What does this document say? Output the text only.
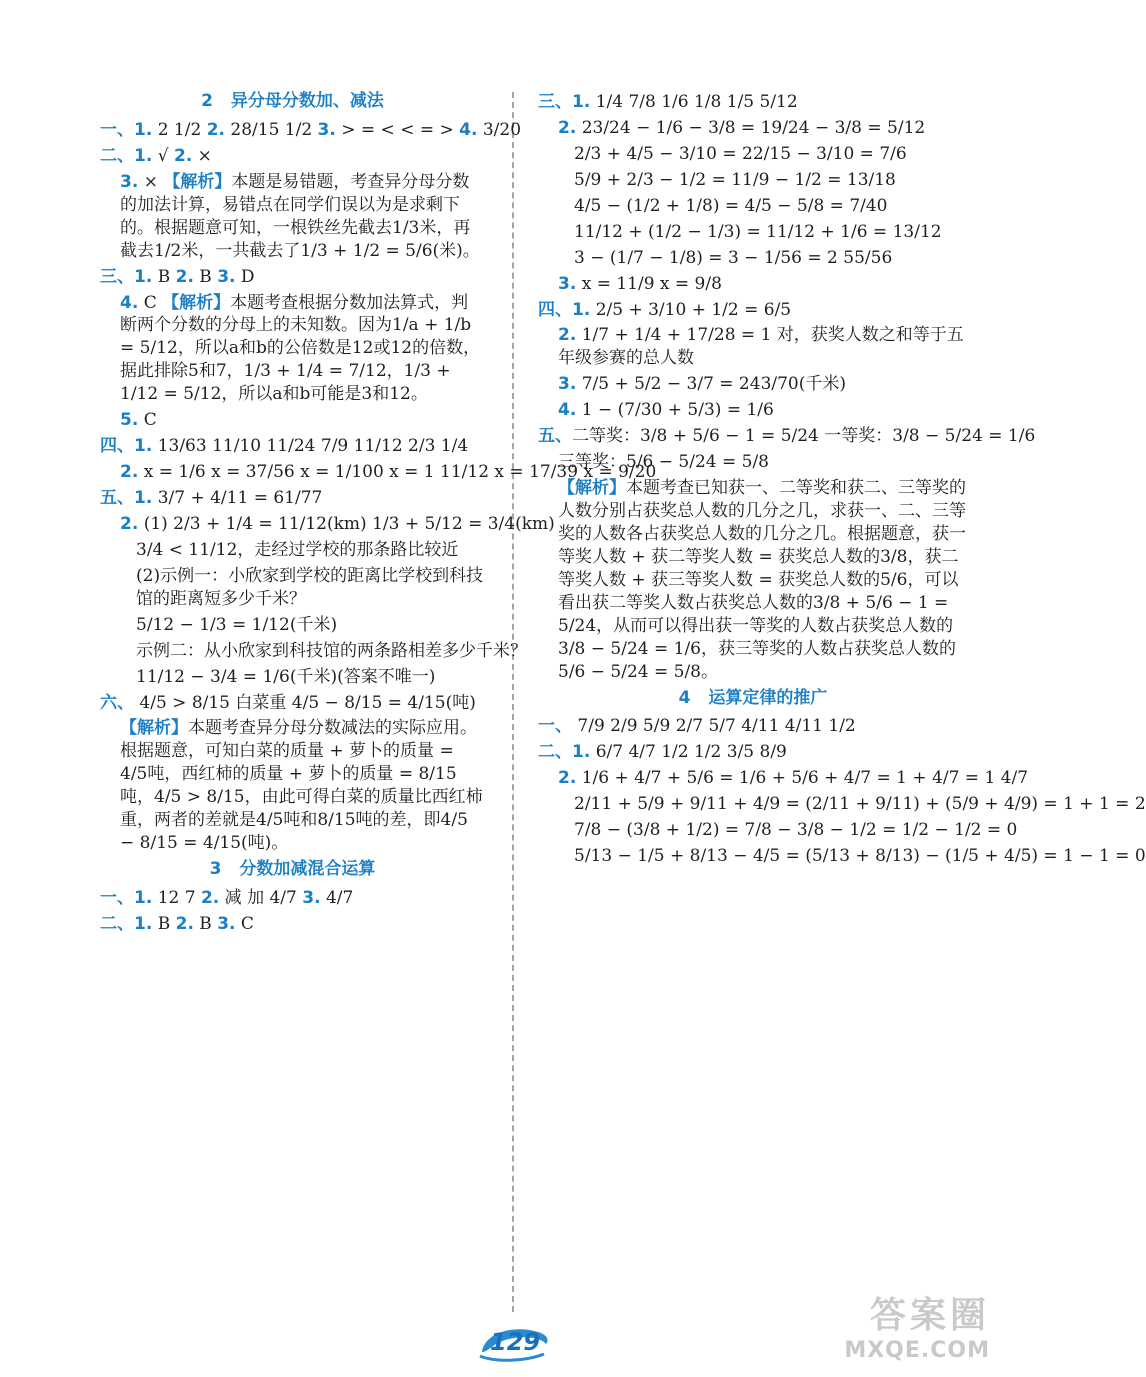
2 异分母分数加、减法
一、1. 2 1/2 2. 28/15 1/2 3. > = < < = > 4. 3/20
二、1. √ 2. ×
3. × 【解析】本题是易错题，考查异分母分数的加法计算，易错点在同学们误以为是求剩下的。根据题意可知，一根铁丝先截去1/3米，再截去1/2米，一共截去了1/3 + 1/2 = 5/6(米)。
三、1. B 2. B 3. D
4. C 【解析】本题考查根据分数加法算式，判断两个分数的分母上的未知数。因为1/a + 1/b = 5/12，所以a和b的公倍数是12或12的倍数，据此排除5和7，1/3 + 1/4 = 7/12，1/3 + 1/12 = 5/12，所以a和b可能是3和12。
5. C
四、1. 13/63 11/10 11/24 7/9 11/12 2/3 1/4
2. x = 1/6 x = 37/56 x = 1/100 x = 1 11/12 x = 17/39 x = 9/20
五、1. 3/7 + 4/11 = 61/77
2. (1) 2/3 + 1/4 = 11/12(km) 1/3 + 5/12 = 3/4(km)
3/4 < 11/12，走经过学校的那条路比较近
(2)示例一：小欣家到学校的距离比学校到科技馆的距离短多少千米？
5/12 − 1/3 = 1/12(千米)
示例二：从小欣家到科技馆的两条路相差多少千米？
11/12 − 3/4 = 1/6(千米)(答案不唯一)
六、 4/5 > 8/15 白菜重 4/5 − 8/15 = 4/15(吨)
【解析】本题考查异分母分数减法的实际应用。根据题意，可知白菜的质量 + 萝卜的质量 = 4/5吨，西红柿的质量 + 萝卜的质量 = 8/15吨，4/5 > 8/15，由此可得白菜的质量比西红柿重，两者的差就是4/5吨和8/15吨的差，即4/5 − 8/15 = 4/15(吨)。
3 分数加减混合运算
一、1. 12 7 2. 减 加 4/7 3. 4/7
二、1. B 2. B 3. C
三、1. 1/4 7/8 1/6 1/8 1/5 5/12
2. 23/24 − 1/6 − 3/8 = 19/24 − 3/8 = 5/12
2/3 + 4/5 − 3/10 = 22/15 − 3/10 = 7/6
5/9 + 2/3 − 1/2 = 11/9 − 1/2 = 13/18
4/5 − (1/2 + 1/8) = 4/5 − 5/8 = 7/40
11/12 + (1/2 − 1/3) = 11/12 + 1/6 = 13/12
3 − (1/7 − 1/8) = 3 − 1/56 = 2 55/56
3. x = 11/9 x = 9/8
四、1. 2/5 + 3/10 + 1/2 = 6/5
2. 1/7 + 1/4 + 17/28 = 1 对，获奖人数之和等于五年级参赛的总人数
3. 7/5 + 5/2 − 3/7 = 243/70(千米)
4. 1 − (7/30 + 5/3) = 1/6
五、二等奖：3/8 + 5/6 − 1 = 5/24 一等奖：3/8 − 5/24 = 1/6
三等奖：5/6 − 5/24 = 5/8
【解析】本题考查已知获一、二等奖和获二、三等奖的人数分别占获奖总人数的几分之几，求获一、二、三等奖的人数各占获奖总人数的几分之几。根据题意，获一等奖人数 + 获二等奖人数 = 获奖总人数的3/8，获二等奖人数 + 获三等奖人数 = 获奖总人数的5/6，可以看出获二等奖人数占获奖总人数的3/8 + 5/6 − 1 = 5/24，从而可以得出获一等奖的人数占获奖总人数的3/8 − 5/24 = 1/6，获三等奖的人数占获奖总人数的5/6 − 5/24 = 5/8。
4 运算定律的推广
一、 7/9 2/9 5/9 2/7 5/7 4/11 4/11 1/2
二、1. 6/7 4/7 1/2 1/2 3/5 8/9
2. 1/6 + 4/7 + 5/6 = 1/6 + 5/6 + 4/7 = 1 + 4/7 = 1 4/7
2/11 + 5/9 + 9/11 + 4/9 = (2/11 + 9/11) + (5/9 + 4/9) = 1 + 1 = 2
7/8 − (3/8 + 1/2) = 7/8 − 3/8 − 1/2 = 1/2 − 1/2 = 0
5/13 − 1/5 + 8/13 − 4/5 = (5/13 + 8/13) − (1/5 + 4/5) = 1 − 1 = 0
129
答案圈
MXQE.COM
